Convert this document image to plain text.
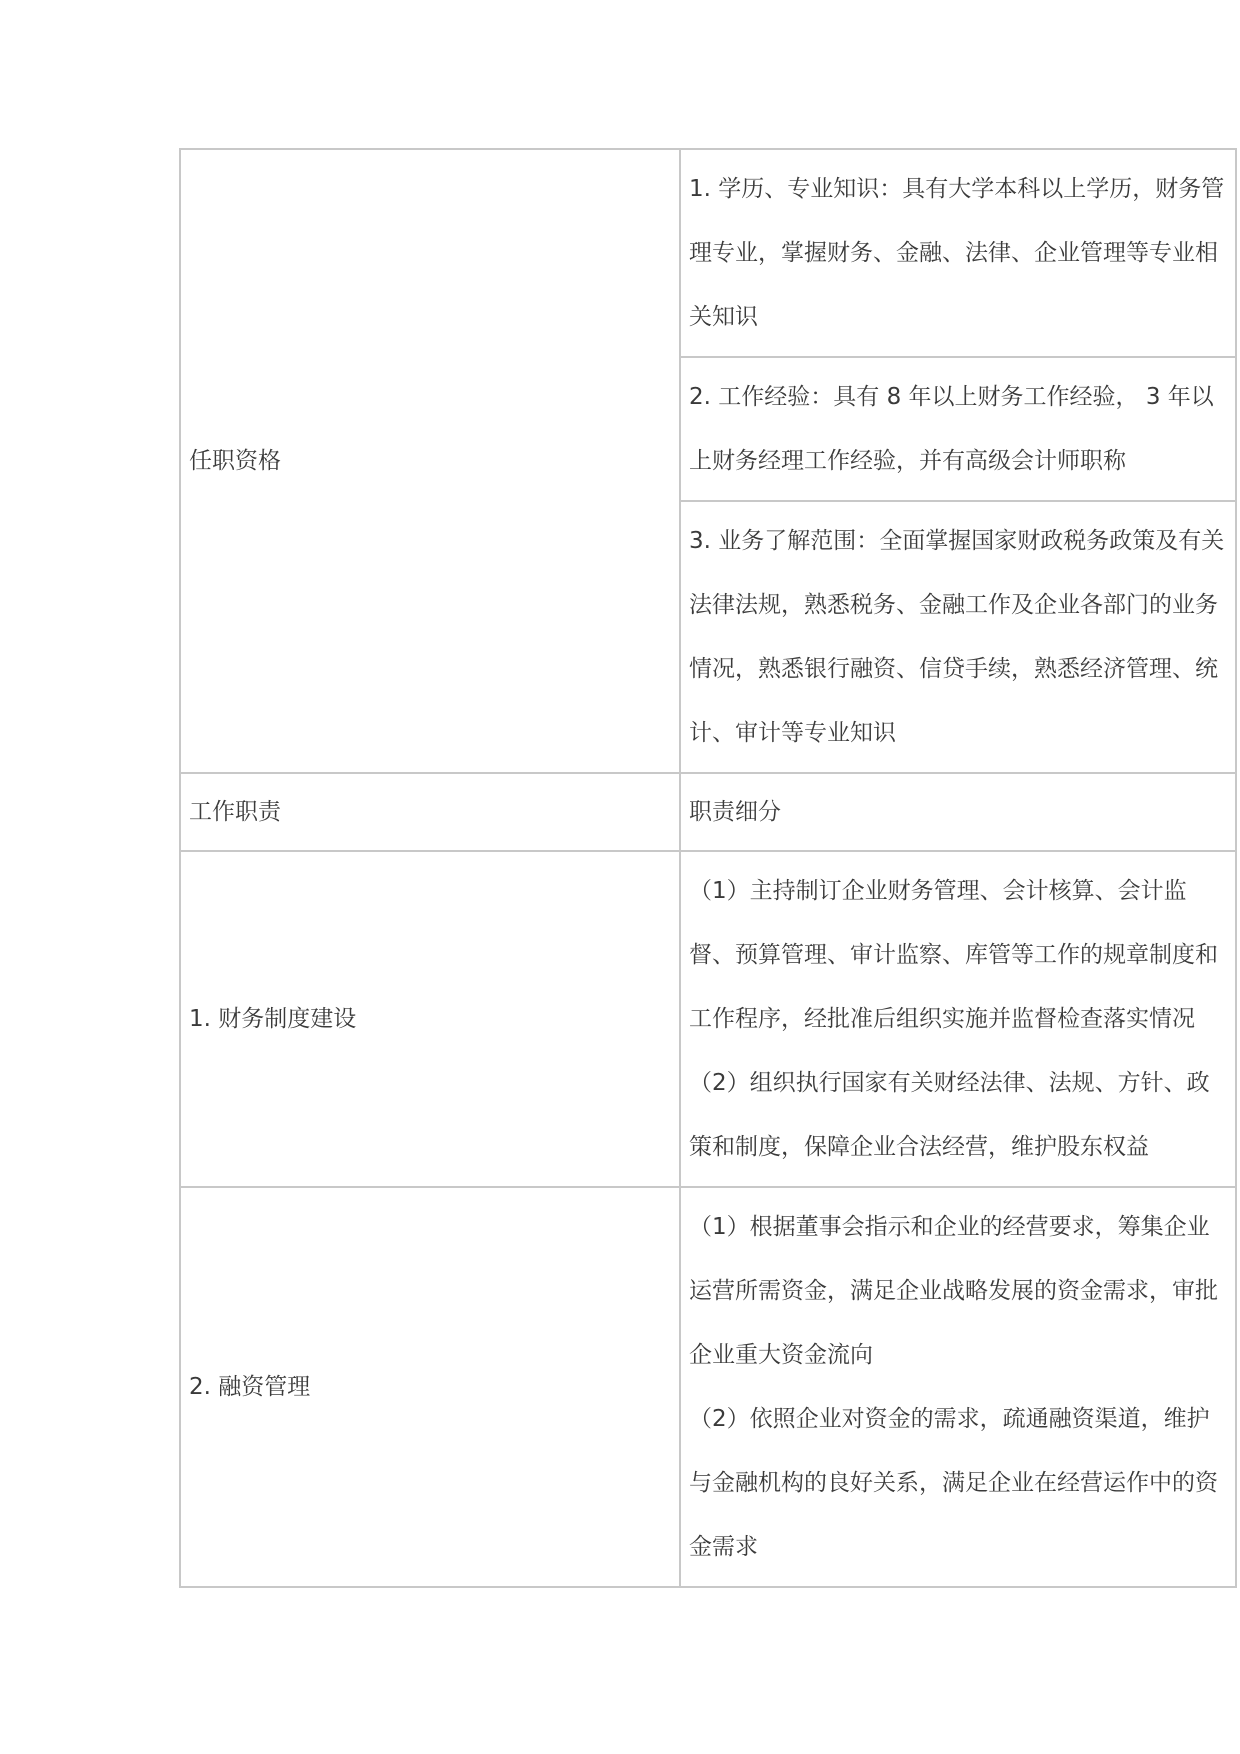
任职资格	1. 学历、专业知识：具有大学本科以上学历，财务管理专业，掌握财务、金融、法律、企业管理等专业相关知识

	2. 工作经验：具有 8 年以上财务工作经验， 3 年以上财务经理工作经验，并有高级会计师职称

	3. 业务了解范围：全面掌握国家财政税务政策及有关法律法规，熟悉税务、金融工作及企业各部门的业务情况，熟悉银行融资、信贷手续，熟悉经济管理、统计、审计等专业知识

工作职责	职责细分
1. 财务制度建设	（1）主持制订企业财务管理、会计核算、会计监督、预算管理、审计监察、库管等工作的规章制度和工作程序，经批准后组织实施并监督检查落实情况
（2）组织执行国家有关财经法律、法规、方针、政策和制度，保障企业合法经营，维护股东权益

2. 融资管理	（1）根据董事会指示和企业的经营要求，筹集企业运营所需资金，满足企业战略发展的资金需求，审批企业重大资金流向
（2）依照企业对资金的需求，疏通融资渠道，维护与金融机构的良好关系，满足企业在经营运作中的资金需求
